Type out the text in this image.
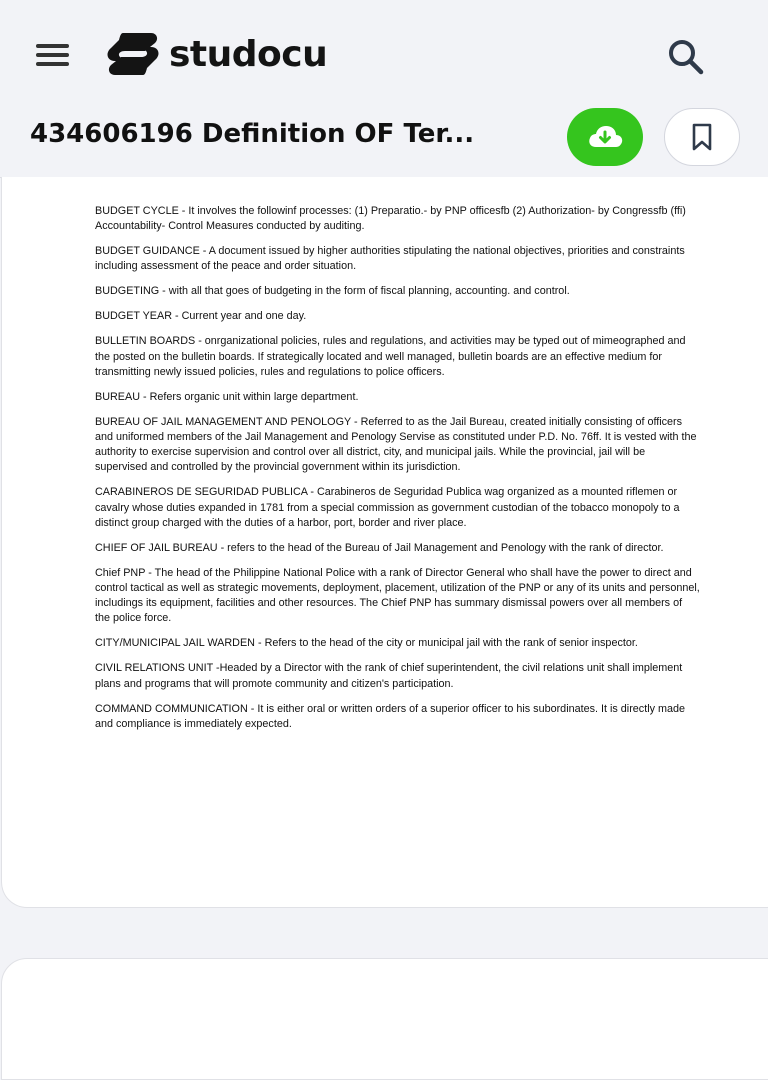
studocu
434606196 Definition OF Ter...

BUDGET CYCLE - It involves the followinf processes: (1) Preparatio.- by PNP officesfb (2) Authorization- by Congressfb (ffi) Accountability- Control Measures conducted by auditing.

BUDGET GUIDANCE - A document issued by higher authorities stipulating the national objectives, priorities and constraints including assessment of the peace and order situation.

BUDGETING - with all that goes of budgeting in the form of fiscal planning, accounting. and control.

BUDGET YEAR - Current year and one day.

BULLETIN BOARDS - onrganizational policies, rules and regulations, and activities may be typed out of mimeographed and the posted on the bulletin boards. If strategically located and well managed, bulletin boards are an effective medium for transmitting newly issued policies, rules and regulations to police officers.

BUREAU - Refers organic unit within large department.

BUREAU OF JAIL MANAGEMENT AND PENOLOGY - Referred to as the Jail Bureau, created initially consisting of officers and uniformed members of the Jail Management and Penology Servise as constituted under P.D. No. 76ff. It is vested with the authority to exercise supervision and control over all district, city, and municipal jails. While the provincial, jail will be supervised and controlled by the provincial government within its jurisdiction.

CARABINEROS DE SEGURIDAD PUBLICA - Carabineros de Seguridad Publica wag organized as a mounted riflemen or cavalry whose duties expanded in 1781 from a special commission as government custodian of the tobacco monopoly to a distinct group charged with the duties of a harbor, port, border and river place.

CHIEF OF JAIL BUREAU - refers to the head of the Bureau of Jail Management and Penology with the rank of director.

Chief PNP - The head of the Philippine National Police with a rank of Director General who shall have the power to direct and control tactical as well as strategic movements, deployment, placement, utilization of the PNP or any of its units and personnel, includings its equipment, facilities and other resources. The Chief PNP has summary dismissal powers over all members of the police force.

CITY/MUNICIPAL JAIL WARDEN - Refers to the head of the city or municipal jail with the rank of senior inspector.

CIVIL RELATIONS UNIT -Headed by a Director with the rank of chief superintendent, the civil relations unit shall implement plans and programs that will promote community and citizen's participation.

COMMAND COMMUNICATION - It is either oral or written orders of a superior officer to his subordinates. It is directly made and compliance is immediately expected.
